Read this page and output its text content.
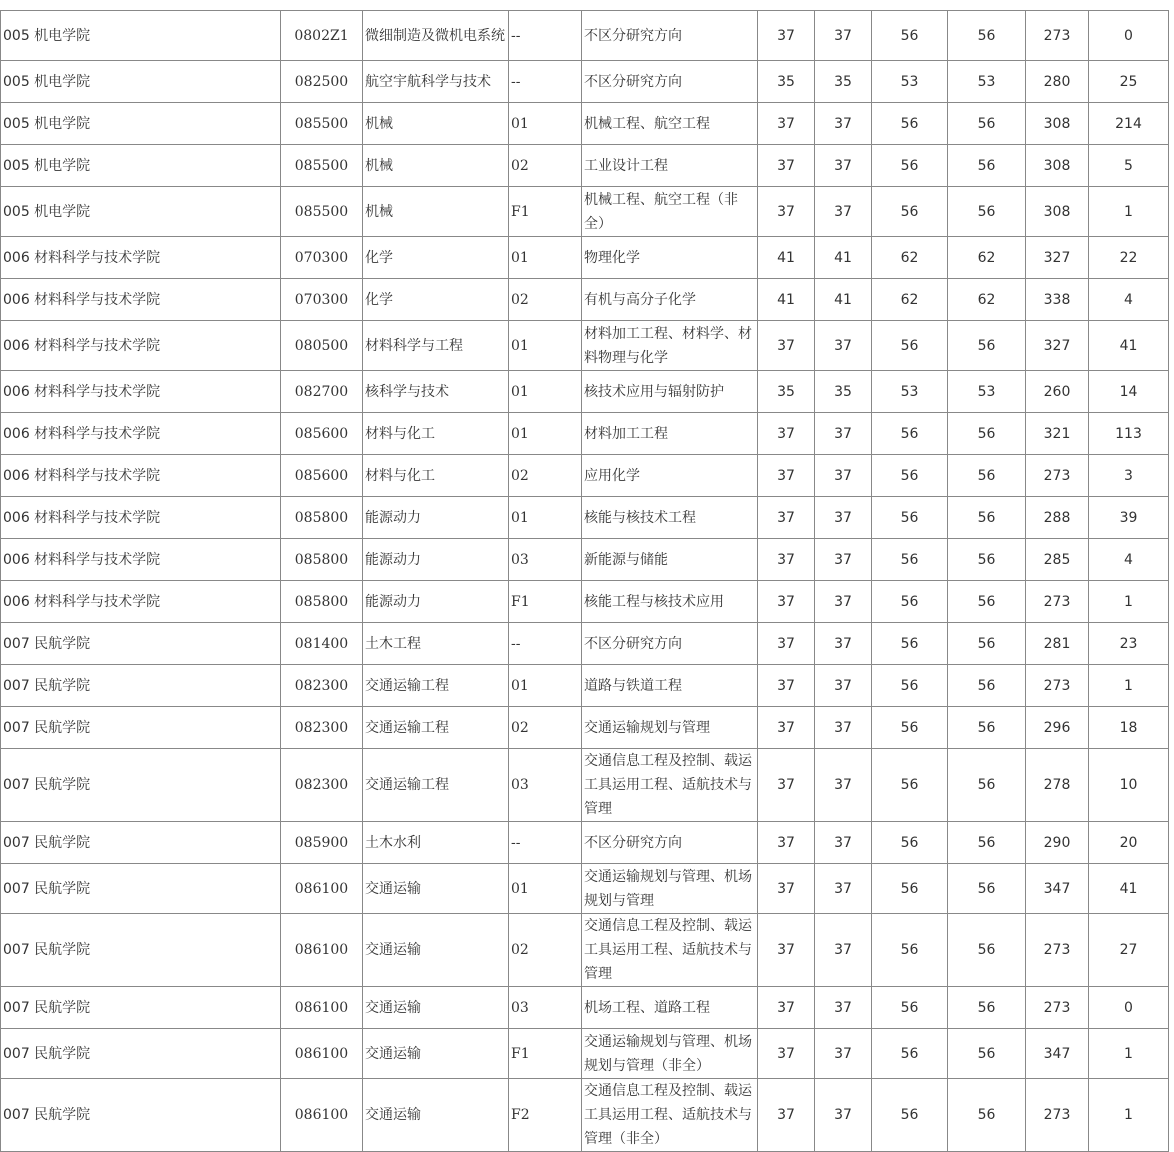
005 机电学院	0802Z1	微细制造及微机电系统	--	不区分研究方向	37	37	56	56	273	0
005 机电学院	082500	航空宇航科学与技术	--	不区分研究方向	35	35	53	53	280	25
005 机电学院	085500	机械	01	机械工程、航空工程	37	37	56	56	308	214
005 机电学院	085500	机械	02	工业设计工程	37	37	56	56	308	5
005 机电学院	085500	机械	F1	机械工程、航空工程（非全）	37	37	56	56	308	1
006 材料科学与技术学院	070300	化学	01	物理化学	41	41	62	62	327	22
006 材料科学与技术学院	070300	化学	02	有机与高分子化学	41	41	62	62	338	4
006 材料科学与技术学院	080500	材料科学与工程	01	材料加工工程、材料学、材料物理与化学	37	37	56	56	327	41
006 材料科学与技术学院	082700	核科学与技术	01	核技术应用与辐射防护	35	35	53	53	260	14
006 材料科学与技术学院	085600	材料与化工	01	材料加工工程	37	37	56	56	321	113
006 材料科学与技术学院	085600	材料与化工	02	应用化学	37	37	56	56	273	3
006 材料科学与技术学院	085800	能源动力	01	核能与核技术工程	37	37	56	56	288	39
006 材料科学与技术学院	085800	能源动力	03	新能源与储能	37	37	56	56	285	4
006 材料科学与技术学院	085800	能源动力	F1	核能工程与核技术应用	37	37	56	56	273	1
007 民航学院	081400	土木工程	--	不区分研究方向	37	37	56	56	281	23
007 民航学院	082300	交通运输工程	01	道路与铁道工程	37	37	56	56	273	1
007 民航学院	082300	交通运输工程	02	交通运输规划与管理	37	37	56	56	296	18
007 民航学院	082300	交通运输工程	03	交通信息工程及控制、载运工具运用工程、适航技术与管理	37	37	56	56	278	10
007 民航学院	085900	土木水利	--	不区分研究方向	37	37	56	56	290	20
007 民航学院	086100	交通运输	01	交通运输规划与管理、机场规划与管理	37	37	56	56	347	41
007 民航学院	086100	交通运输	02	交通信息工程及控制、载运工具运用工程、适航技术与管理	37	37	56	56	273	27
007 民航学院	086100	交通运输	03	机场工程、道路工程	37	37	56	56	273	0
007 民航学院	086100	交通运输	F1	交通运输规划与管理、机场规划与管理（非全）	37	37	56	56	347	1
007 民航学院	086100	交通运输	F2	交通信息工程及控制、载运工具运用工程、适航技术与管理（非全）	37	37	56	56	273	1
